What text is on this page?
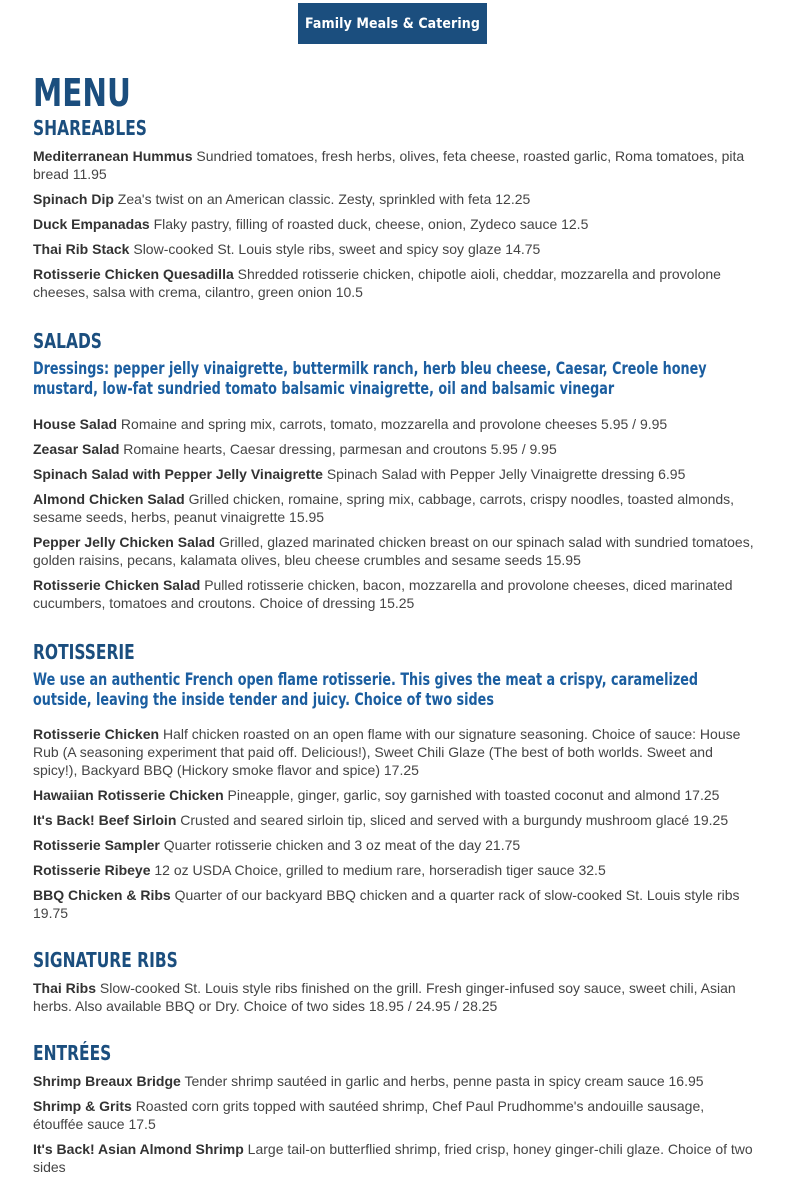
Family Meals & Catering
MENU
SHAREABLES

Mediterranean Hummus Sundried tomatoes, fresh herbs, olives, feta cheese, roasted garlic, Roma tomatoes, pita bread 11.95

Spinach Dip Zea's twist on an American classic. Zesty, sprinkled with feta 12.25

Duck Empanadas Flaky pastry, filling of roasted duck, cheese, onion, Zydeco sauce 12.5

Thai Rib Stack Slow-cooked St. Louis style ribs, sweet and spicy soy glaze 14.75

Rotisserie Chicken Quesadilla Shredded rotisserie chicken, chipotle aioli, cheddar, mozzarella and provolone cheeses, salsa with crema, cilantro, green onion 10.5

SALADS

Dressings: pepper jelly vinaigrette, buttermilk ranch, herb bleu cheese, Caesar, Creole honey mustard, low-fat sundried tomato balsamic vinaigrette, oil and balsamic vinegar

House Salad Romaine and spring mix, carrots, tomato, mozzarella and provolone cheeses 5.95 / 9.95

Zeasar Salad Romaine hearts, Caesar dressing, parmesan and croutons 5.95 / 9.95

Spinach Salad with Pepper Jelly Vinaigrette Spinach Salad with Pepper Jelly Vinaigrette dressing 6.95

Almond Chicken Salad Grilled chicken, romaine, spring mix, cabbage, carrots, crispy noodles, toasted almonds, sesame seeds, herbs, peanut vinaigrette 15.95

Pepper Jelly Chicken Salad Grilled, glazed marinated chicken breast on our spinach salad with sundried tomatoes, golden raisins, pecans, kalamata olives, bleu cheese crumbles and sesame seeds 15.95

Rotisserie Chicken Salad Pulled rotisserie chicken, bacon, mozzarella and provolone cheeses, diced marinated cucumbers, tomatoes and croutons. Choice of dressing 15.25

ROTISSERIE

We use an authentic French open flame rotisserie. This gives the meat a crispy, caramelized outside, leaving the inside tender and juicy. Choice of two sides

Rotisserie Chicken Half chicken roasted on an open flame with our signature seasoning. Choice of sauce: House Rub (A seasoning experiment that paid off. Delicious!), Sweet Chili Glaze (The best of both worlds. Sweet and spicy!), Backyard BBQ (Hickory smoke flavor and spice) 17.25

Hawaiian Rotisserie Chicken Pineapple, ginger, garlic, soy garnished with toasted coconut and almond 17.25

It's Back! Beef Sirloin Crusted and seared sirloin tip, sliced and served with a burgundy mushroom glacé 19.25

Rotisserie Sampler Quarter rotisserie chicken and 3 oz meat of the day 21.75

Rotisserie Ribeye 12 oz USDA Choice, grilled to medium rare, horseradish tiger sauce 32.5

BBQ Chicken & Ribs Quarter of our backyard BBQ chicken and a quarter rack of slow-cooked St. Louis style ribs 19.75

SIGNATURE RIBS

Thai Ribs Slow-cooked St. Louis style ribs finished on the grill. Fresh ginger-infused soy sauce, sweet chili, Asian herbs. Also available BBQ or Dry. Choice of two sides 18.95 / 24.95 / 28.25

ENTRÉES

Shrimp Breaux Bridge Tender shrimp sautéed in garlic and herbs, penne pasta in spicy cream sauce 16.95

Shrimp & Grits Roasted corn grits topped with sautéed shrimp, Chef Paul Prudhomme's andouille sausage, étouffée sauce 17.5

It's Back! Asian Almond Shrimp Large tail-on butterflied shrimp, fried crisp, honey ginger-chili glaze. Choice of two sides
